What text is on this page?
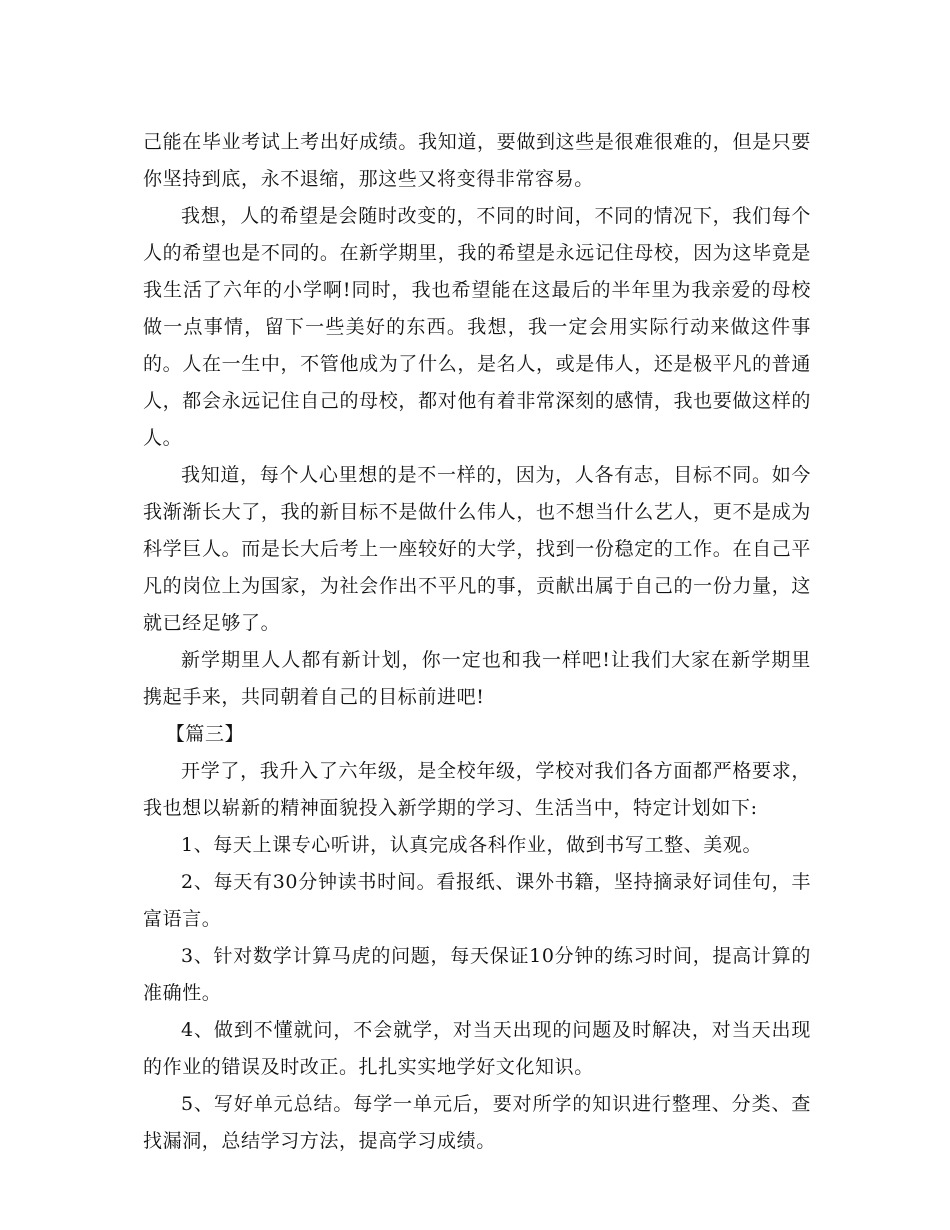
己能在毕业考试上考出好成绩。我知道，要做到这些是很难很难的，但是只要你坚持到底，永不退缩，那这些又将变得非常容易。

我想，人的希望是会随时改变的，不同的时间，不同的情况下，我们每个人的希望也是不同的。在新学期里，我的希望是永远记住母校，因为这毕竟是我生活了六年的小学啊!同时，我也希望能在这最后的半年里为我亲爱的母校做一点事情，留下一些美好的东西。我想，我一定会用实际行动来做这件事的。人在一生中，不管他成为了什么，是名人，或是伟人，还是极平凡的普通人，都会永远记住自己的母校，都对他有着非常深刻的感情，我也要做这样的人。

我知道，每个人心里想的是不一样的，因为，人各有志，目标不同。如今我渐渐长大了，我的新目标不是做什么伟人，也不想当什么艺人，更不是成为科学巨人。而是长大后考上一座较好的大学，找到一份稳定的工作。在自己平凡的岗位上为国家，为社会作出不平凡的事，贡献出属于自己的一份力量，这就已经足够了。

新学期里人人都有新计划，你一定也和我一样吧!让我们大家在新学期里携起手来，共同朝着自己的目标前进吧!

【篇三】

开学了，我升入了六年级，是全校年级，学校对我们各方面都严格要求，我也想以崭新的精神面貌投入新学期的学习、生活当中，特定计划如下:

1、每天上课专心听讲，认真完成各科作业，做到书写工整、美观。

2、每天有30分钟读书时间。看报纸、课外书籍，坚持摘录好词佳句，丰富语言。

3、针对数学计算马虎的问题，每天保证10分钟的练习时间，提高计算的准确性。

4、做到不懂就问，不会就学，对当天出现的问题及时解决，对当天出现的作业的错误及时改正。扎扎实实地学好文化知识。

5、写好单元总结。每学一单元后，要对所学的知识进行整理、分类、查找漏洞，总结学习方法，提高学习成绩。
